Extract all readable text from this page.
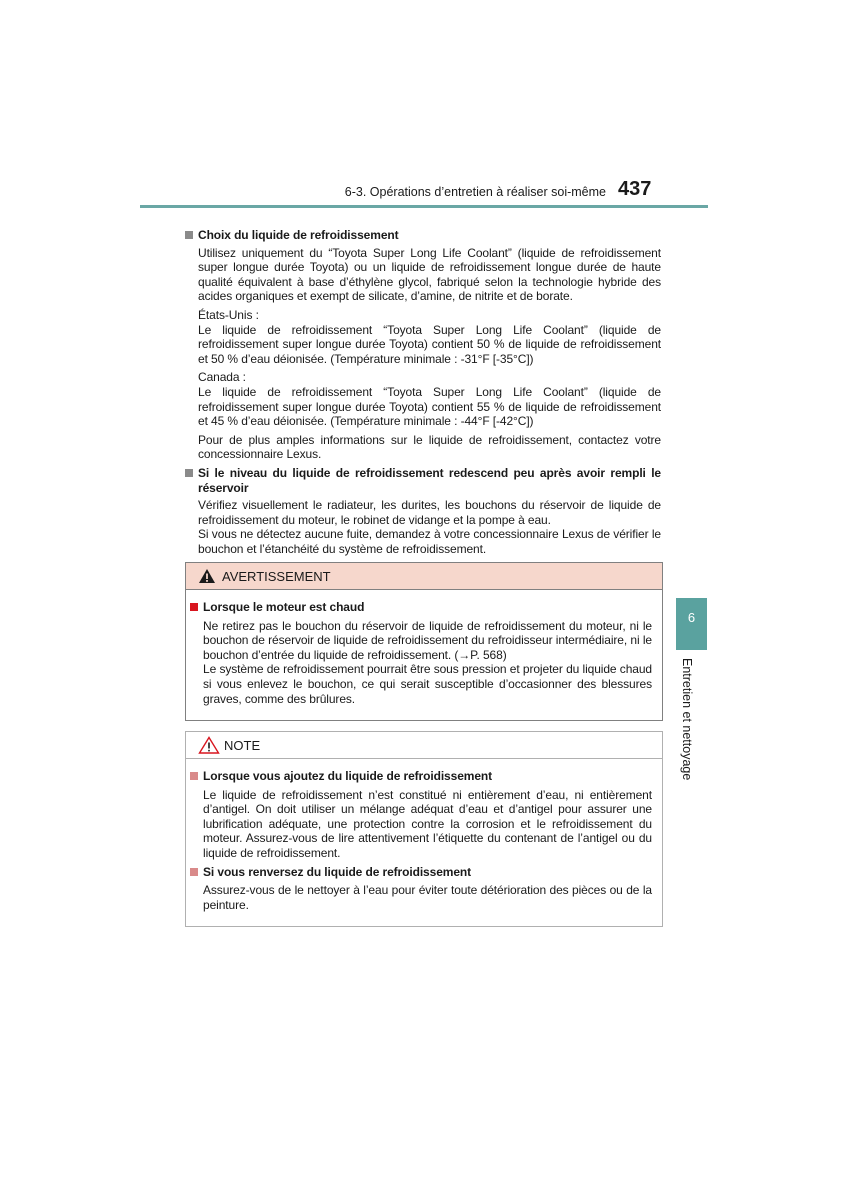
6-3. Opérations d’entretien à réaliser soi-même 437

Choix du liquide de refroidissement

Utilisez uniquement du “Toyota Super Long Life Coolant” (liquide de refroidissement super longue durée Toyota) ou un liquide de refroidissement longue durée de haute qualité équivalent à base d’éthylène glycol, fabriqué selon la technologie hybride des acides organiques et exempt de silicate, d’amine, de nitrite et de borate.

États-Unis :

Le liquide de refroidissement “Toyota Super Long Life Coolant” (liquide de refroidissement super longue durée Toyota) contient 50 % de liquide de refroidissement et 50 % d’eau déionisée. (Température minimale : -31°F [-35°C])

Canada :

Le liquide de refroidissement “Toyota Super Long Life Coolant” (liquide de refroidissement super longue durée Toyota) contient 55 % de liquide de refroidissement et 45 % d’eau déionisée. (Température minimale : -44°F [-42°C])

Pour de plus amples informations sur le liquide de refroidissement, contactez votre concessionnaire Lexus.

Si le niveau du liquide de refroidissement redescend peu après avoir rempli le réservoir

Vérifiez visuellement le radiateur, les durites, les bouchons du réservoir de liquide de refroidissement du moteur, le robinet de vidange et la pompe à eau.

Si vous ne détectez aucune fuite, demandez à votre concessionnaire Lexus de vérifier le bouchon et l’étanchéité du système de refroidissement.

AVERTISSEMENT

Lorsque le moteur est chaud

Ne retirez pas le bouchon du réservoir de liquide de refroidissement du moteur, ni le bouchon de réservoir de liquide de refroidissement du refroidisseur intermédiaire, ni le bouchon d’entrée du liquide de refroidissement. (→P. 568)

Le système de refroidissement pourrait être sous pression et projeter du liquide chaud si vous enlevez le bouchon, ce qui serait susceptible d’occasionner des blessures graves, comme des brûlures.

NOTE

Lorsque vous ajoutez du liquide de refroidissement

Le liquide de refroidissement n’est constitué ni entièrement d’eau, ni entièrement d’antigel. On doit utiliser un mélange adéquat d’eau et d’antigel pour assurer une lubrification adéquate, une protection contre la corrosion et le refroidissement du moteur. Assurez-vous de lire attentivement l’étiquette du contenant de l’antigel ou du liquide de refroidissement.

Si vous renversez du liquide de refroidissement

Assurez-vous de le nettoyer à l’eau pour éviter toute détérioration des pièces ou de la peinture.

6
Entretien et nettoyage
